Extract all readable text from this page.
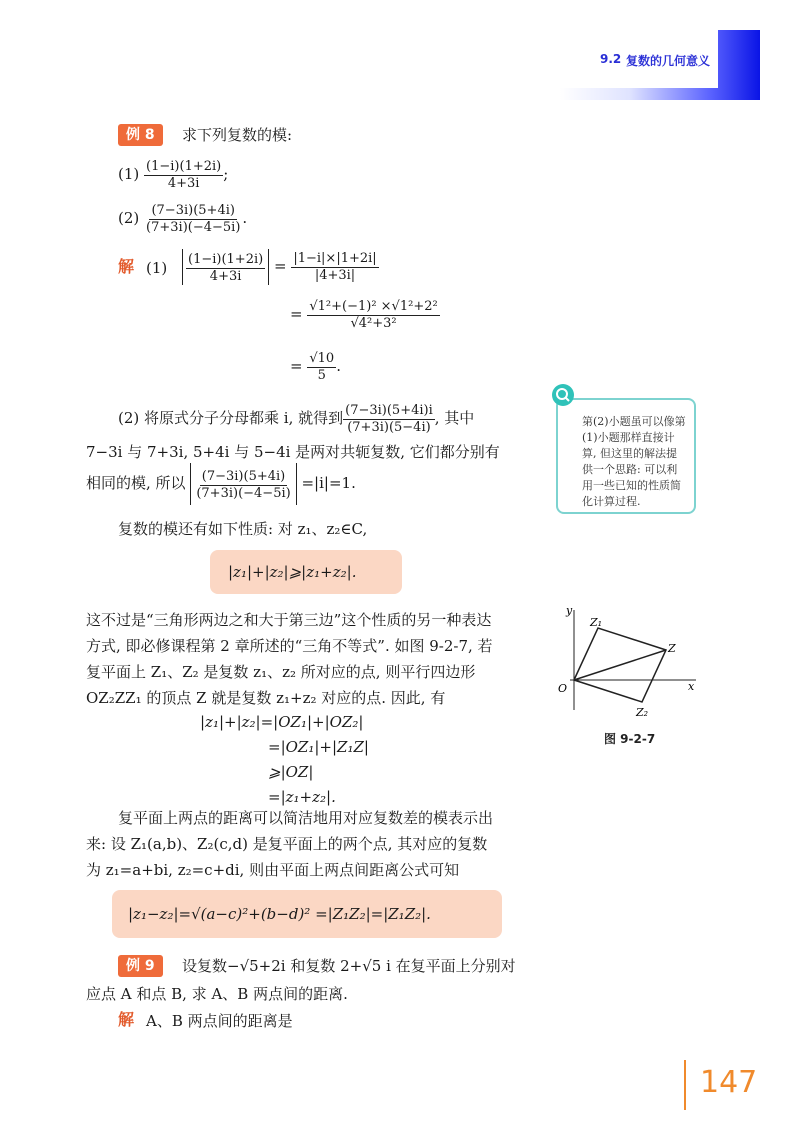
9.2 复数的几何意义
例 8	求下列复数的模:
$(1) \frac{(1-i)(1+2i)}{4+3i}$ ;
$(2) \frac{(7-3i)(5+4i)}{(7+3i)(-4-5i)}$ .
解 $(1) \frac{(1-i)(1+2i)}{4+3i} = \frac{|1-i|\times|1+2i|}{|4+3i|}$
= $\frac{\text{√1²+(−1)² ×√1²+2²}}{\text{√4²+3²}}$
= $\frac{√10}{5}$ .
(2) 将原式分子分母都乘 i, 就得到 $\frac{(7-3i)(5+4i)i}{(7+3i)(5-4i)}$ , 其中
7−3i 与 7+3i, 5+4i 与 5−4i 是两对共轭复数, 它们都分别有
相同的模, 所以 $\frac{(7-3i)(5+4i)}{(7+3i)(-4-5i)} =|i|=1$.
第(2)小题虽可以像第(1)小题那样直接计算, 但这里的解法提供一个思路: 可以利用一些已知的性质简化计算过程.
复数的模还有如下性质: 对 z₁、z₂∈C,
|z₁|+|z₂|⩾|z₁+z₂|.
这不过是“三角形两边之和大于第三边”这个性质的另一种表达
方式, 即必修课程第 2 章所述的“三角不等式”. 如图 9-2-7, 若
复平面上 Z₁、Z₂ 是复数 z₁、z₂ 所对应的点, 则平行四边形
OZ₂ZZ₁ 的顶点 Z 就是复数 z₁+z₂ 对应的点. 因此, 有
|z₁|+|z₂|=|OZ₁|+|OZ₂|
=|OZ₁|+|Z₁Z|
⩾|OZ|
=|z₁+z₂|.
y
x
O
Z
Z₁
Z₂
图 9-2-7
复平面上两点的距离可以简洁地用对应复数差的模表示出
来: 设 Z₁(a,b)、Z₂(c,d) 是复平面上的两个点, 其对应的复数
为 z₁=a+bi, z₂=c+di, 则由平面上两点间距离公式可知
|z₁−z₂|=√(a−c)²+(b−d)² =|Z₁Z₂|=|Z₁Z₂|.
例 9	设复数−√5+2i 和复数 2+√5 i 在复平面上分别对
应点 A 和点 B, 求 A、B 两点间的距离.
解 A、B 两点间的距离是
147
